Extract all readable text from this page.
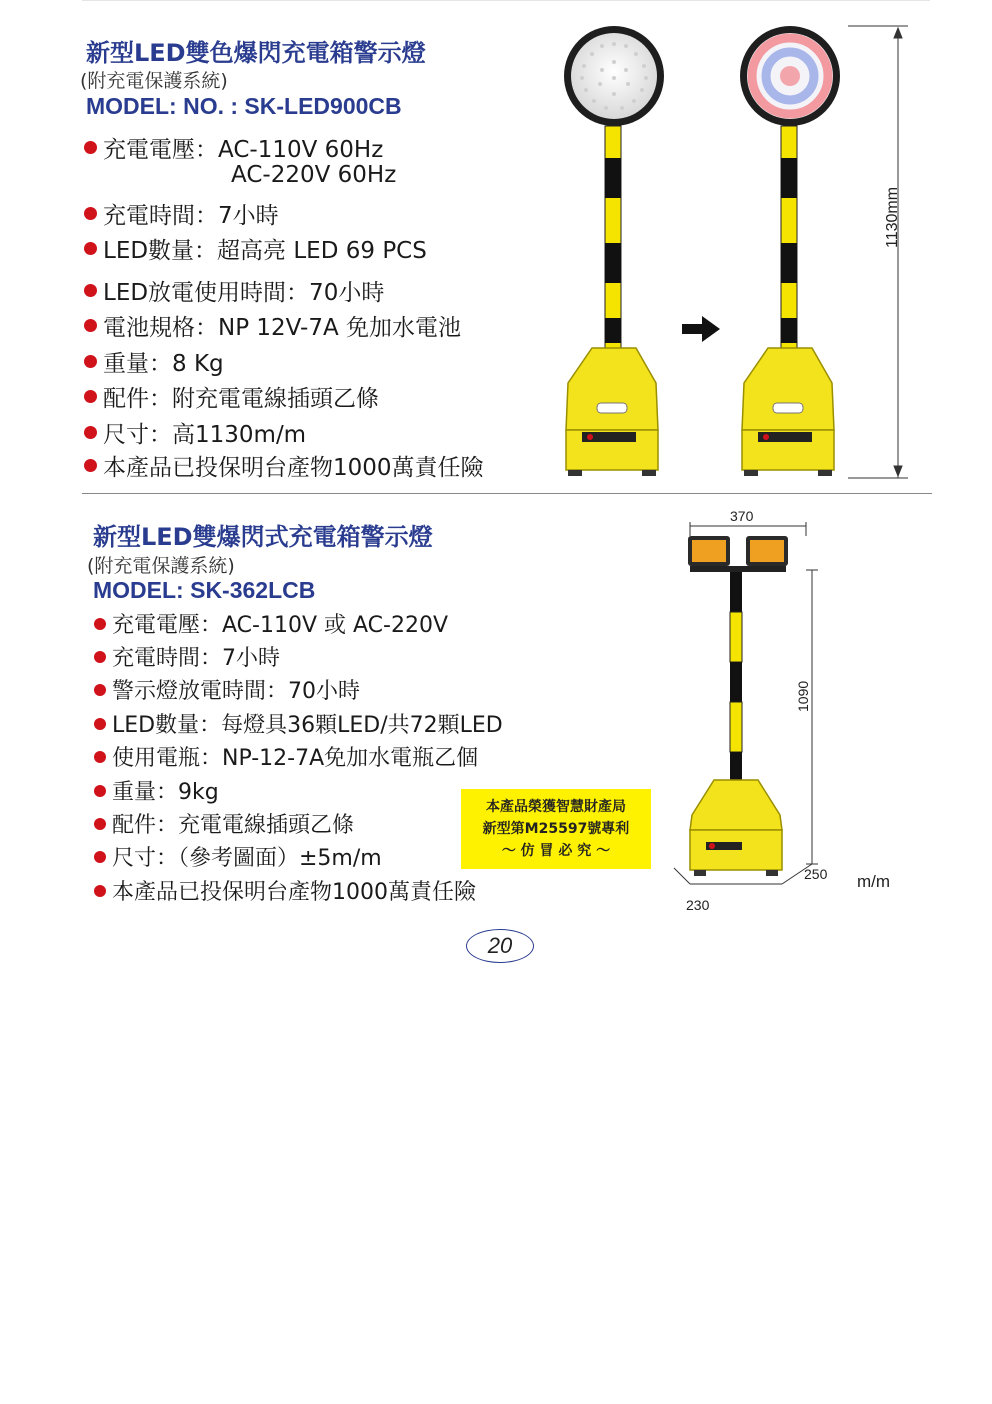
新型LED雙色爆閃充電箱警示燈
(附充電保護系統)
MODEL: NO. : SK-LED900CB
充電電壓：AC-110V 60Hz
AC-220V 60Hz
充電時間：7小時
LED數量：超高亮 LED 69 PCS
LED放電使用時間：70小時
電池規格：NP 12V-7A 免加水電池
重量：8 Kg
配件：附充電電線插頭乙條
尺寸：高1130m/m
本產品已投保明台產物1000萬責任險
1130mm
新型LED雙爆閃式充電箱警示燈
(附充電保護系統)
MODEL: SK-362LCB
充電電壓：AC-110V 或 AC-220V
充電時間：7小時
警示燈放電時間：70小時
LED數量：每燈具36顆LED/共72顆LED
使用電瓶：NP-12-7A免加水電瓶乙個
重量：9kg
配件：充電電線插頭乙條
尺寸：（參考圖面）±5m/m
本產品已投保明台產物1000萬責任險
本產品榮獲智慧財產局
新型第M25597號專利
～ 仿 冒 必 究 ～
370
1090
250
230
m/m
20
